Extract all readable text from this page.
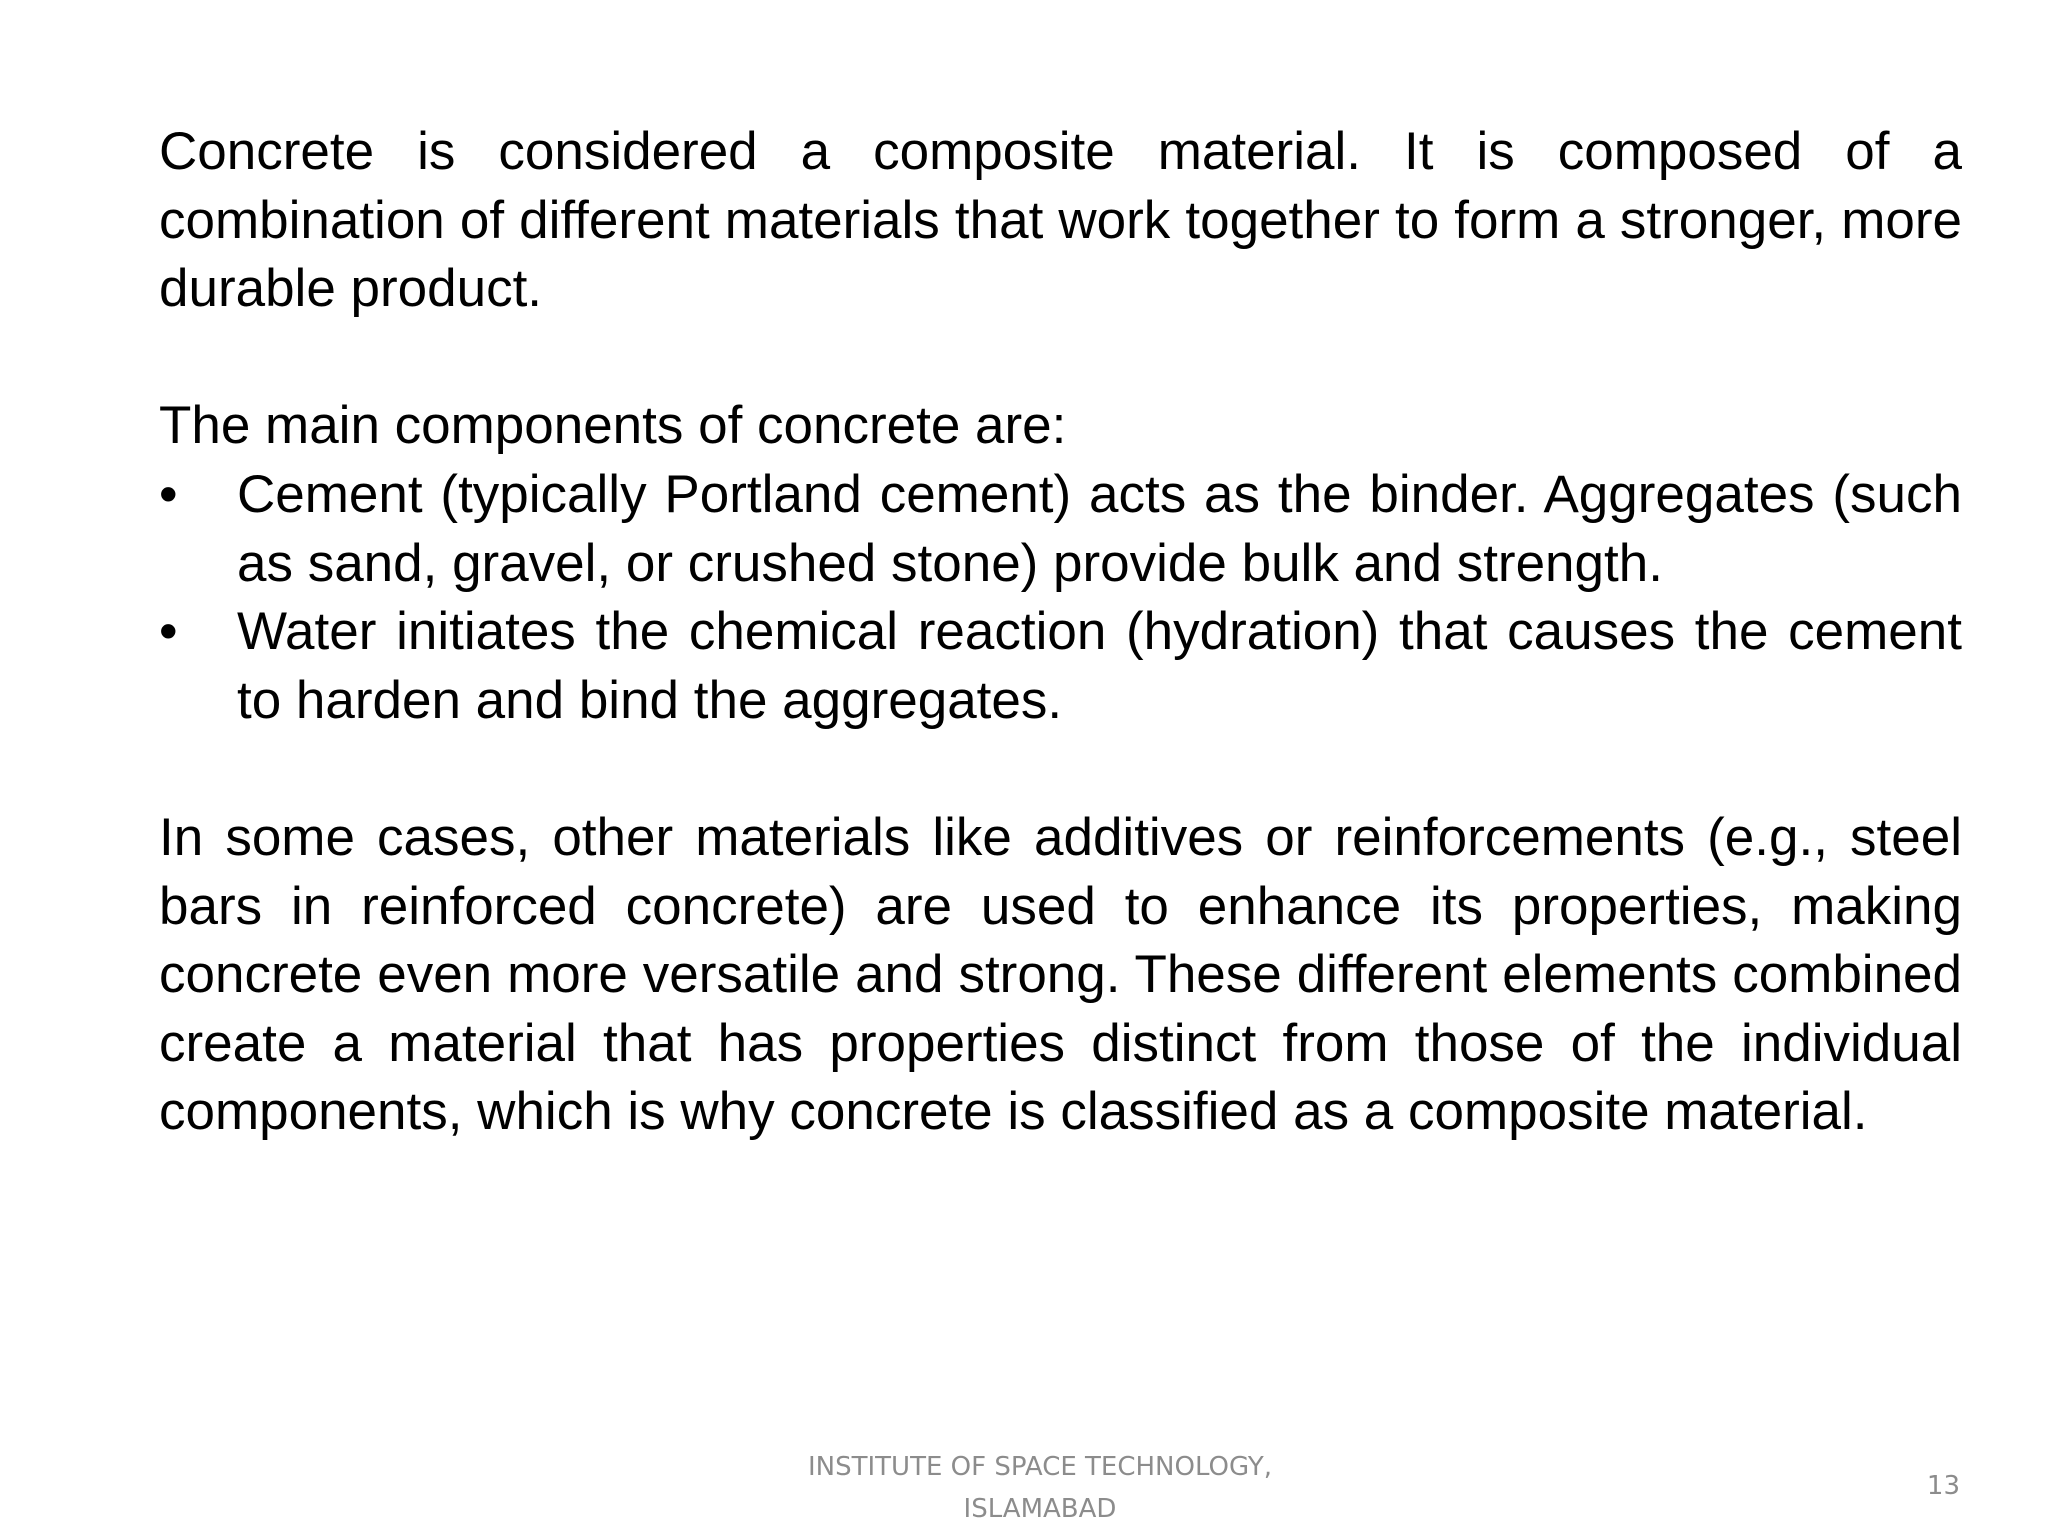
Concrete is considered a composite material. It is composed of a combination of different materials that work together to form a stronger, more durable product.

The main components of concrete are:

•	Cement (typically Portland cement) acts as the binder. Aggregates (such as sand, gravel, or crushed stone) provide bulk and strength.
•	Water initiates the chemical reaction (hydration) that causes the cement to harden and bind the aggregates.

In some cases, other materials like additives or reinforcements (e.g., steel bars in reinforced concrete) are used to enhance its properties, making concrete even more versatile and strong. These different elements combined create a material that has properties distinct from those of the individual components, which is why concrete is classified as a composite material.

INSTITUTE OF SPACE TECHNOLOGY,
ISLAMABAD
13
